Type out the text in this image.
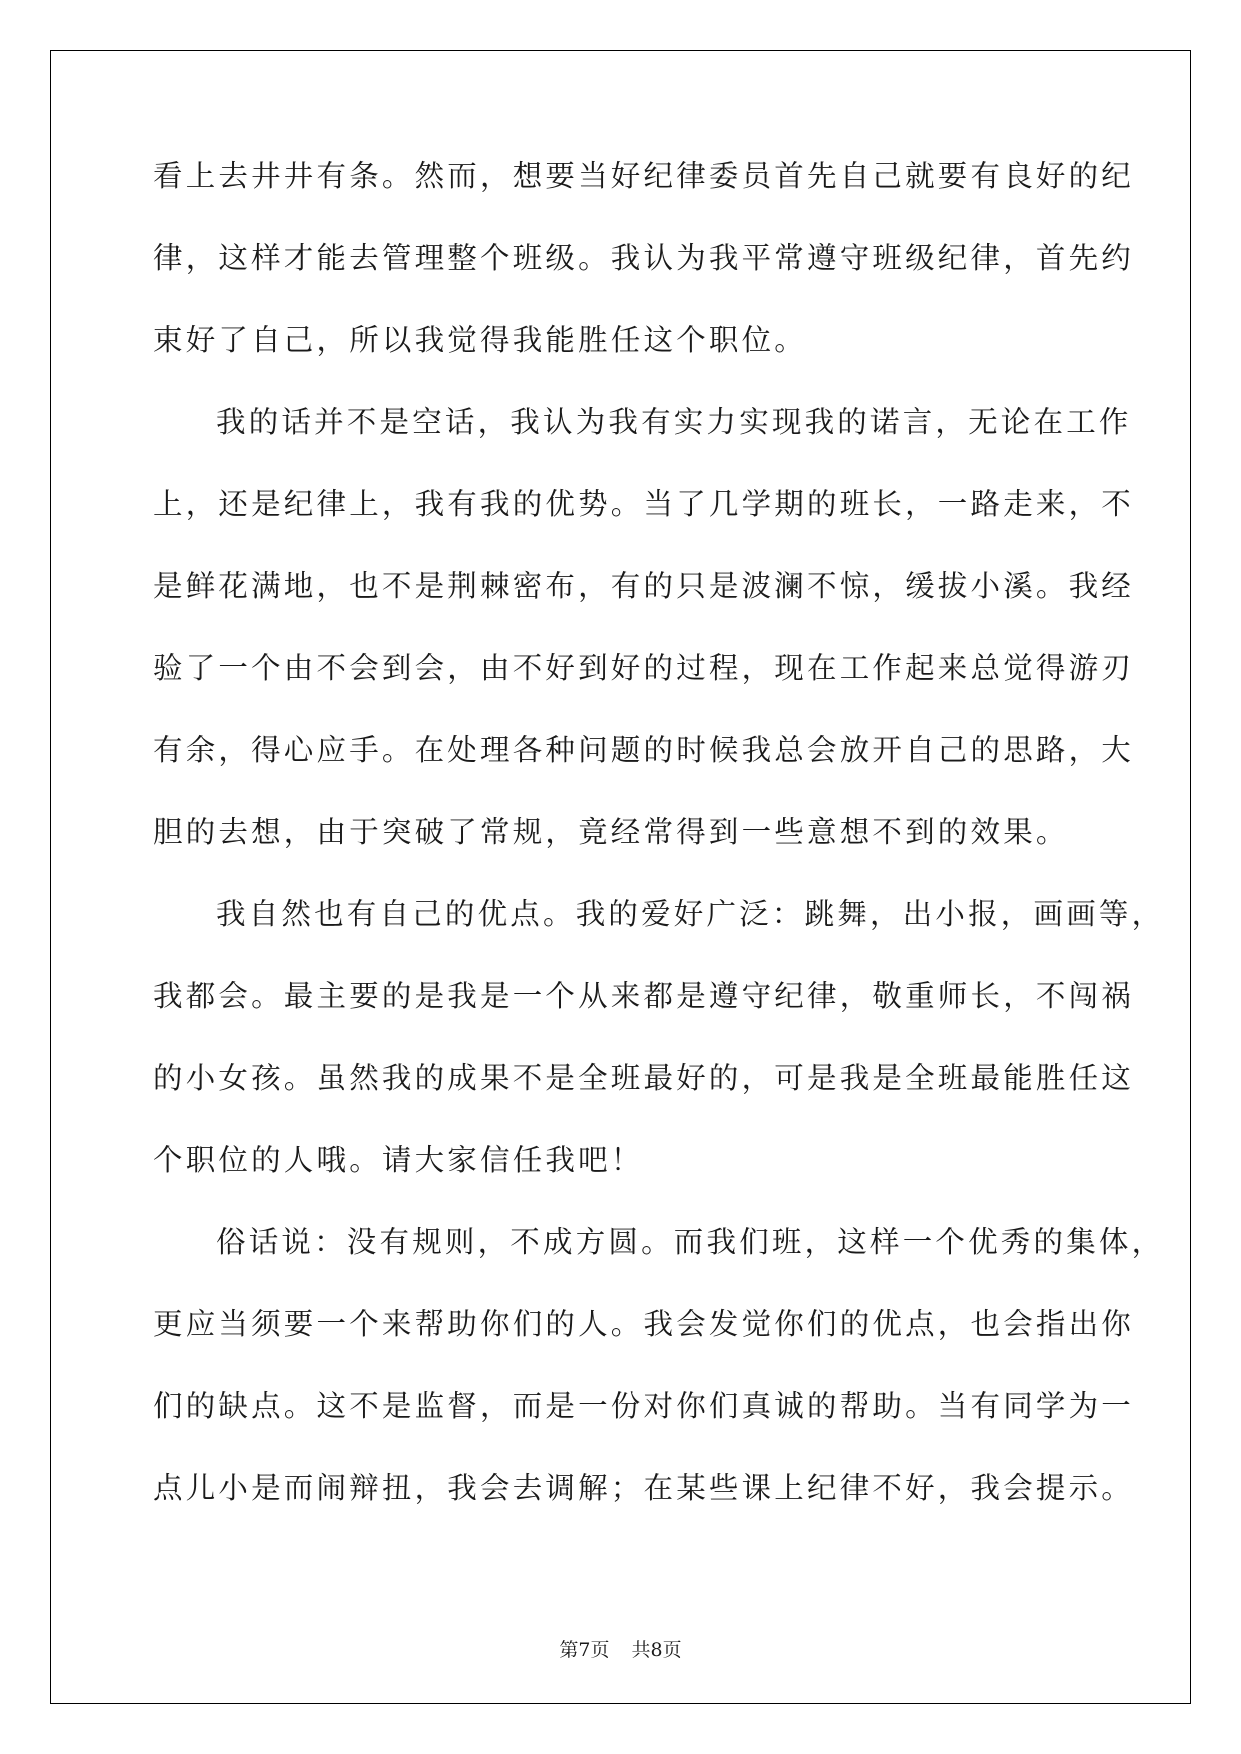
看上去井井有条。然而，想要当好纪律委员首先自己就要有良好的纪
律，这样才能去管理整个班级。我认为我平常遵守班级纪律，首先约
束好了自己，所以我觉得我能胜任这个职位。

我的话并不是空话，我认为我有实力实现我的诺言，无论在工作
上，还是纪律上，我有我的优势。当了几学期的班长，一路走来，不
是鲜花满地，也不是荆棘密布，有的只是波澜不惊，缓拔小溪。我经
验了一个由不会到会，由不好到好的过程，现在工作起来总觉得游刃
有余，得心应手。在处理各种问题的时候我总会放开自己的思路，大
胆的去想，由于突破了常规，竟经常得到一些意想不到的效果。

我自然也有自己的优点。我的爱好广泛：跳舞，出小报，画画等，
我都会。最主要的是我是一个从来都是遵守纪律，敬重师长，不闯祸
的小女孩。虽然我的成果不是全班最好的，可是我是全班最能胜任这
个职位的人哦。请大家信任我吧！

俗话说：没有规则，不成方圆。而我们班，这样一个优秀的集体，
更应当须要一个来帮助你们的人。我会发觉你们的优点，也会指出你
们的缺点。这不是监督，而是一份对你们真诚的帮助。当有同学为一
点儿小是而闹辩扭，我会去调解；在某些课上纪律不好，我会提示。

第7页 共8页
